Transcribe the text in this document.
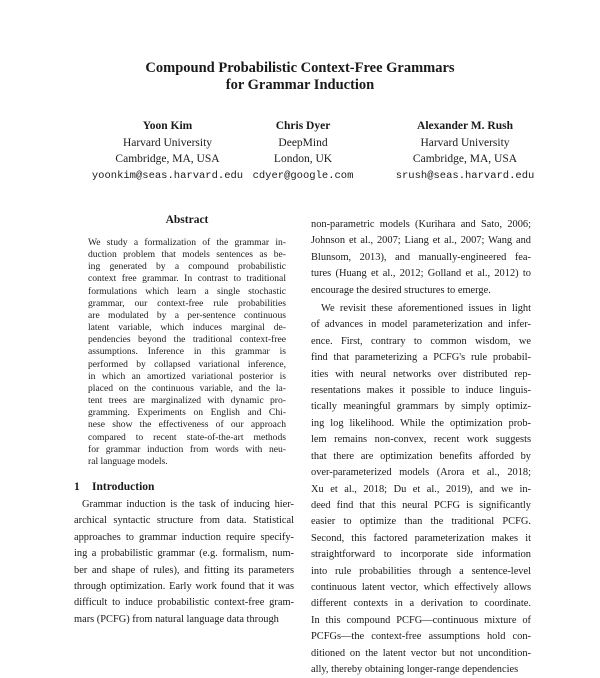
Compound Probabilistic Context-Free Grammars
for Grammar Induction
Yoon Kim
Harvard University
Cambridge, MA, USA
yoonkim@seas.harvard.edu
Chris Dyer
DeepMind
London, UK
cdyer@google.com
Alexander M. Rush
Harvard University
Cambridge, MA, USA
srush@seas.harvard.edu
Abstract
We study a formalization of the grammar in-
duction problem that models sentences as be-
ing generated by a compound probabilistic
context free grammar. In contrast to traditional
formulations which learn a single stochastic
grammar, our context-free rule probabilities
are modulated by a per-sentence continuous
latent variable, which induces marginal de-
pendencies beyond the traditional context-free
assumptions. Inference in this grammar is
performed by collapsed variational inference,
in which an amortized variational posterior is
placed on the continuous variable, and the la-
tent trees are marginalized with dynamic pro-
gramming. Experiments on English and Chi-
nese show the effectiveness of our approach
compared to recent state-of-the-art methods
for grammar induction from words with neu-
ral language models.
1 Introduction
Grammar induction is the task of inducing hier-
archical syntactic structure from data. Statistical
approaches to grammar induction require specify-
ing a probabilistic grammar (e.g. formalism, num-
ber and shape of rules), and fitting its parameters
through optimization. Early work found that it was
difficult to induce probabilistic context-free gram-
mars (PCFG) from natural language data through
non-parametric models (Kurihara and Sato, 2006;
Johnson et al., 2007; Liang et al., 2007; Wang and
Blunsom, 2013), and manually-engineered fea-
tures (Huang et al., 2012; Golland et al., 2012) to
encourage the desired structures to emerge.
We revisit these aforementioned issues in light
of advances in model parameterization and infer-
ence. First, contrary to common wisdom, we
find that parameterizing a PCFG's rule probabil-
ities with neural networks over distributed rep-
resentations makes it possible to induce linguis-
tically meaningful grammars by simply optimiz-
ing log likelihood. While the optimization prob-
lem remains non-convex, recent work suggests
that there are optimization benefits afforded by
over-parameterized models (Arora et al., 2018;
Xu et al., 2018; Du et al., 2019), and we in-
deed find that this neural PCFG is significantly
easier to optimize than the traditional PCFG.
Second, this factored parameterization makes it
straightforward to incorporate side information
into rule probabilities through a sentence-level
continuous latent vector, which effectively allows
different contexts in a derivation to coordinate.
In this compound PCFG—continuous mixture of
PCFGs—the context-free assumptions hold con-
ditioned on the latent vector but not uncondition-
ally, thereby obtaining longer-range dependencies
